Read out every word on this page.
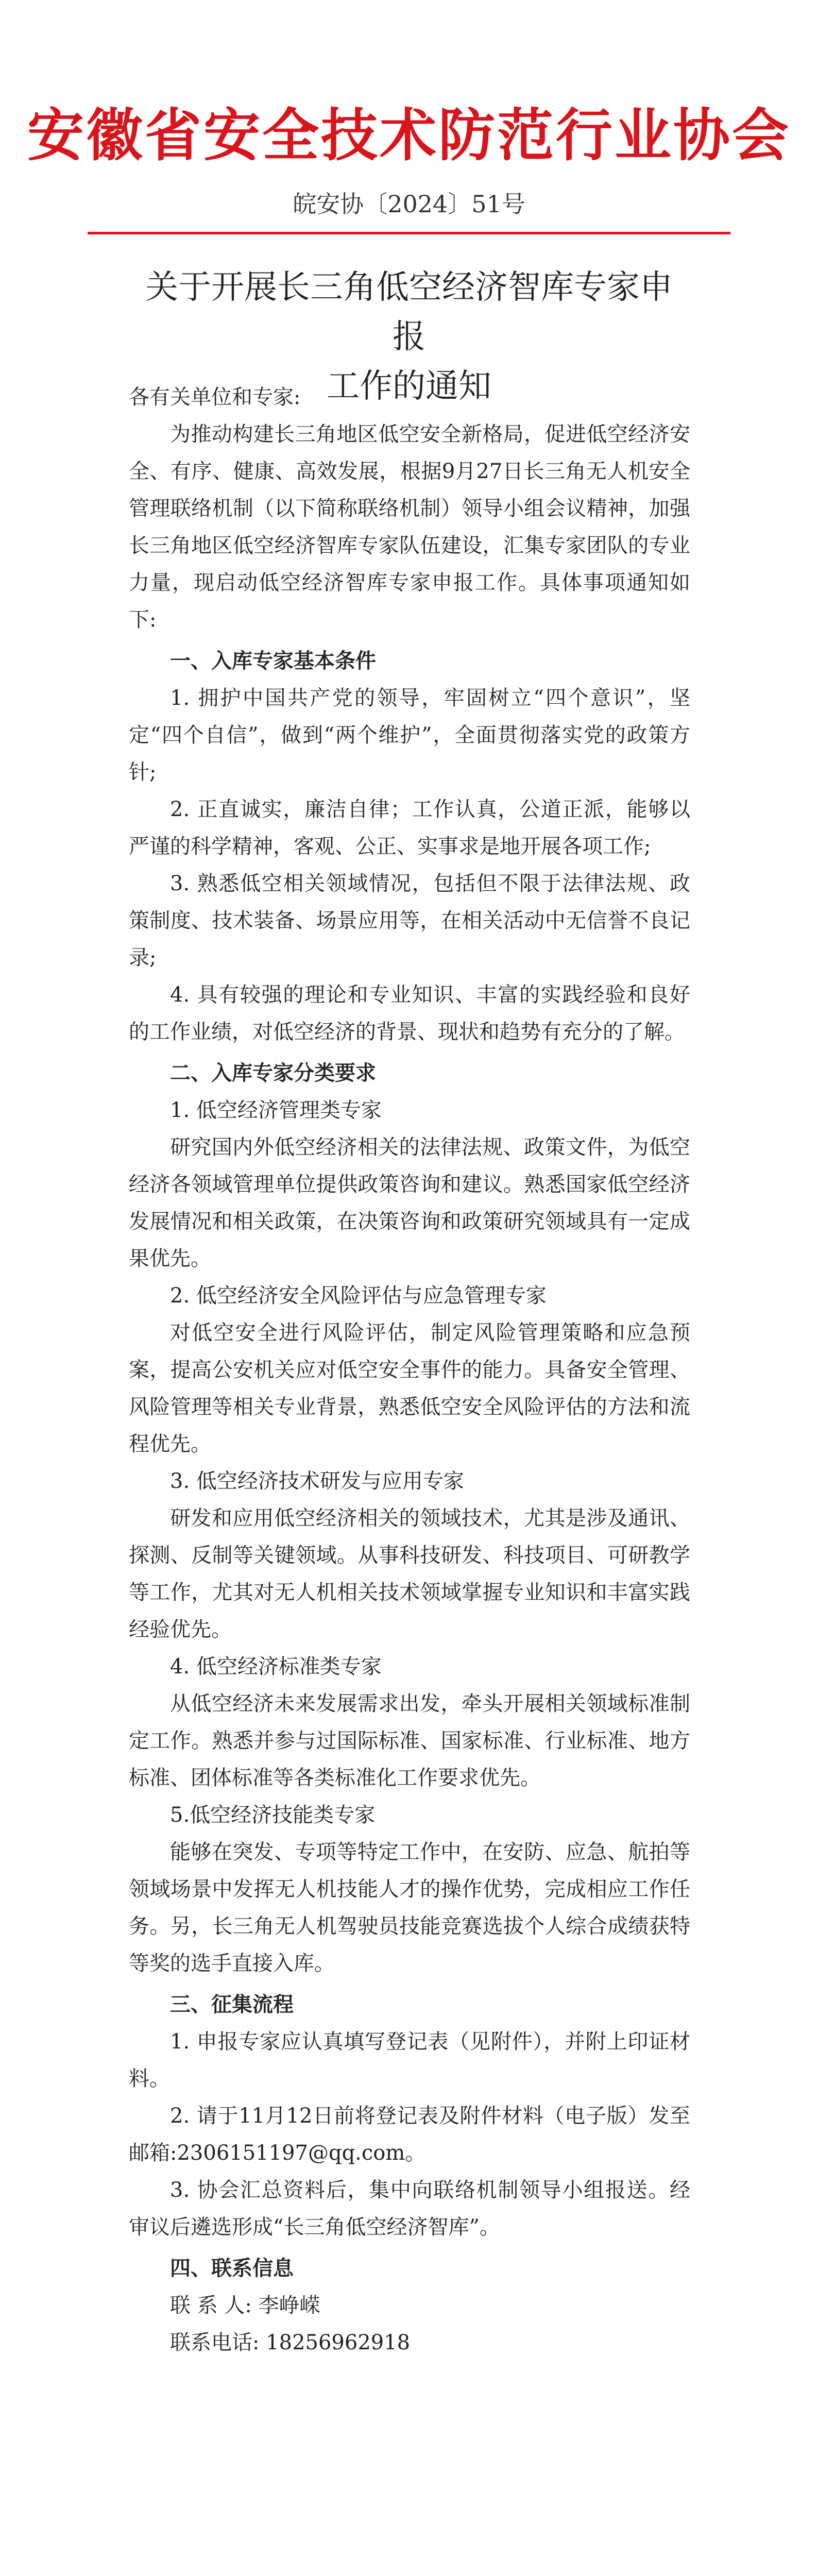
安徽省安全技术防范行业协会
皖安协〔2024〕51号
关于开展长三角低空经济智库专家申报
工作的通知

各有关单位和专家:

为推动构建长三角地区低空安全新格局，促进低空经济安全、有序、健康、高效发展，根据9月27日长三角无人机安全管理联络机制（以下简称联络机制）领导小组会议精神，加强长三角地区低空经济智库专家队伍建设，汇集专家团队的专业力量，现启动低空经济智库专家申报工作。具体事项通知如下:

一、入库专家基本条件

1. 拥护中国共产党的领导，牢固树立“四个意识”，坚定“四个自信”，做到“两个维护”，全面贯彻落实党的政策方针;

2. 正直诚实，廉洁自律；工作认真，公道正派，能够以严谨的科学精神，客观、公正、实事求是地开展各项工作;

3. 熟悉低空相关领域情况，包括但不限于法律法规、政策制度、技术装备、场景应用等，在相关活动中无信誉不良记录;

4. 具有较强的理论和专业知识、丰富的实践经验和良好的工作业绩，对低空经济的背景、现状和趋势有充分的了解。

二、入库专家分类要求

1. 低空经济管理类专家

研究国内外低空经济相关的法律法规、政策文件，为低空经济各领域管理单位提供政策咨询和建议。熟悉国家低空经济发展情况和相关政策，在决策咨询和政策研究领域具有一定成果优先。

2. 低空经济安全风险评估与应急管理专家

对低空安全进行风险评估，制定风险管理策略和应急预案，提高公安机关应对低空安全事件的能力。具备安全管理、风险管理等相关专业背景，熟悉低空安全风险评估的方法和流程优先。

3. 低空经济技术研发与应用专家

研发和应用低空经济相关的领域技术，尤其是涉及通讯、探测、反制等关键领域。从事科技研发、科技项目、可研教学等工作，尤其对无人机相关技术领域掌握专业知识和丰富实践经验优先。

4. 低空经济标准类专家

从低空经济未来发展需求出发，牵头开展相关领域标准制定工作。熟悉并参与过国际标准、国家标准、行业标准、地方标准、团体标准等各类标准化工作要求优先。

5.低空经济技能类专家

能够在突发、专项等特定工作中，在安防、应急、航拍等领域场景中发挥无人机技能人才的操作优势，完成相应工作任务。另，长三角无人机驾驶员技能竞赛选拔个人综合成绩获特等奖的选手直接入库。

三、征集流程

1. 申报专家应认真填写登记表（见附件），并附上印证材料。

2. 请于11月12日前将登记表及附件材料（电子版）发至邮箱:2306151197@qq.com。

3. 协会汇总资料后，集中向联络机制领导小组报送。经审议后遴选形成“长三角低空经济智库”。

四、联系信息

联 系 人: 李峥嵘

联系电话: 18256962918
